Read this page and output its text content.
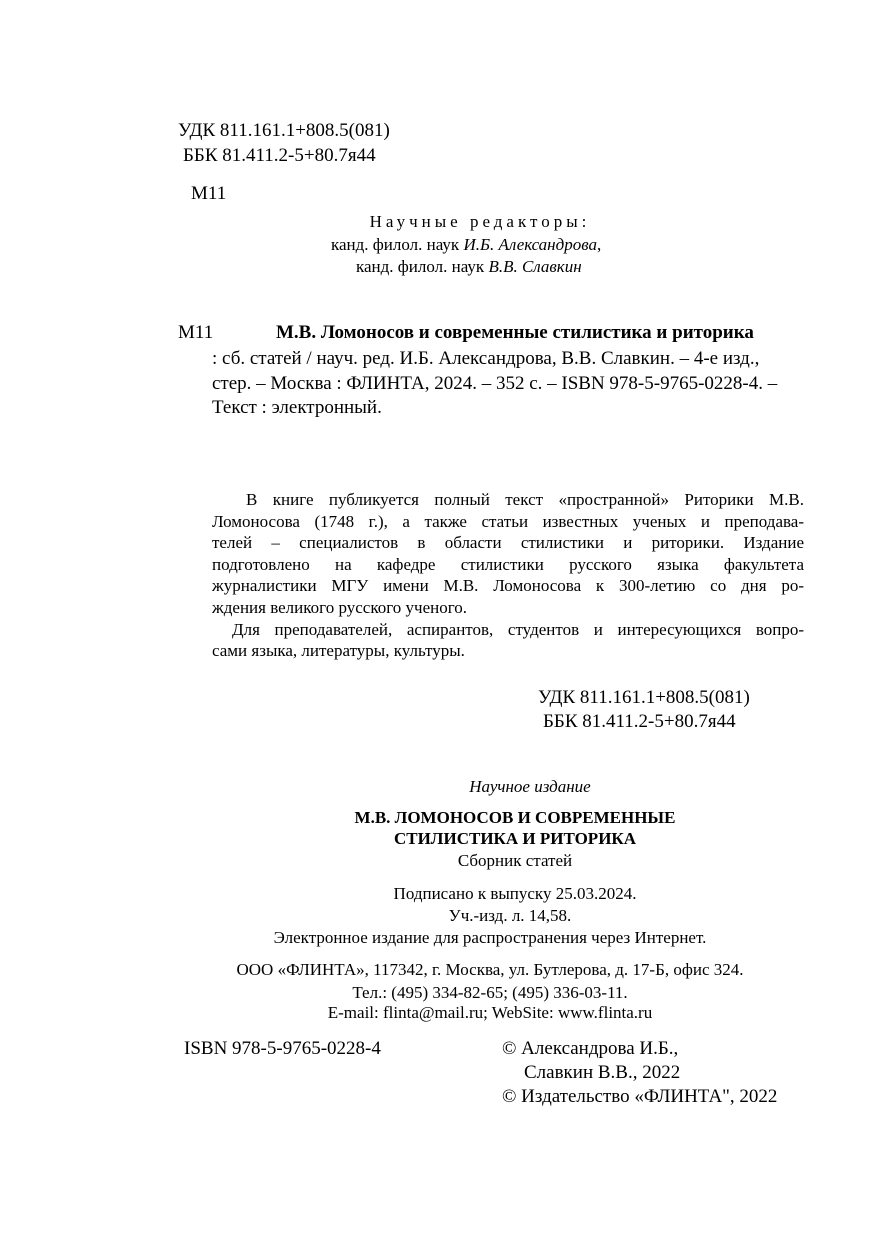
УДК 811.161.1+808.5(081)
ББК 81.411.2-5+80.7я44
М11
Научные редакторы:
канд. филол. наук И.Б. Александрова,
канд. филол. наук В.В. Славкин
М11	М.В. Ломоносов и современные стилистика и риторика
: сб. статей / науч. ред. И.Б. Александрова, В.В. Славкин. – 4-е изд.,
стер. – Москва : ФЛИНТА, 2024. – 352 с. – ISBN 978-5-9765-0228-4. –
Текст : электронный.
В книге публикуется полный текст «пространной» Риторики М.В.
Ломоносова (1748 г.), а также статьи известных ученых и преподава-
телей – специалистов в области стилистики и риторики. Издание
подготовлено на кафедре стилистики русского языка факультета
журналистики МГУ имени М.В. Ломоносова к 300-летию со дня ро-
ждения великого русского ученого.
Для преподавателей, аспирантов, студентов и интересующихся вопро-
сами языка, литературы, культуры.
УДК 811.161.1+808.5(081)
ББК 81.411.2-5+80.7я44
Научное издание
М.В. ЛОМОНОСОВ И СОВРЕМЕННЫЕ
СТИЛИСТИКА И РИТОРИКА
Сборник статей
Подписано к выпуску 25.03.2024.
Уч.-изд. л. 14,58.
Электронное издание для распространения через Интернет.
ООО «ФЛИНТА», 117342, г. Москва, ул. Бутлерова, д. 17-Б, офис 324.
Тел.: (495) 334-82-65; (495) 336-03-11.
E-mail: flinta@mail.ru; WebSite: www.flinta.ru
ISBN 978-5-9765-0228-4	© Александрова И.Б.,
Славкин В.В., 2022
© Издательство «ФЛИНТА", 2022
